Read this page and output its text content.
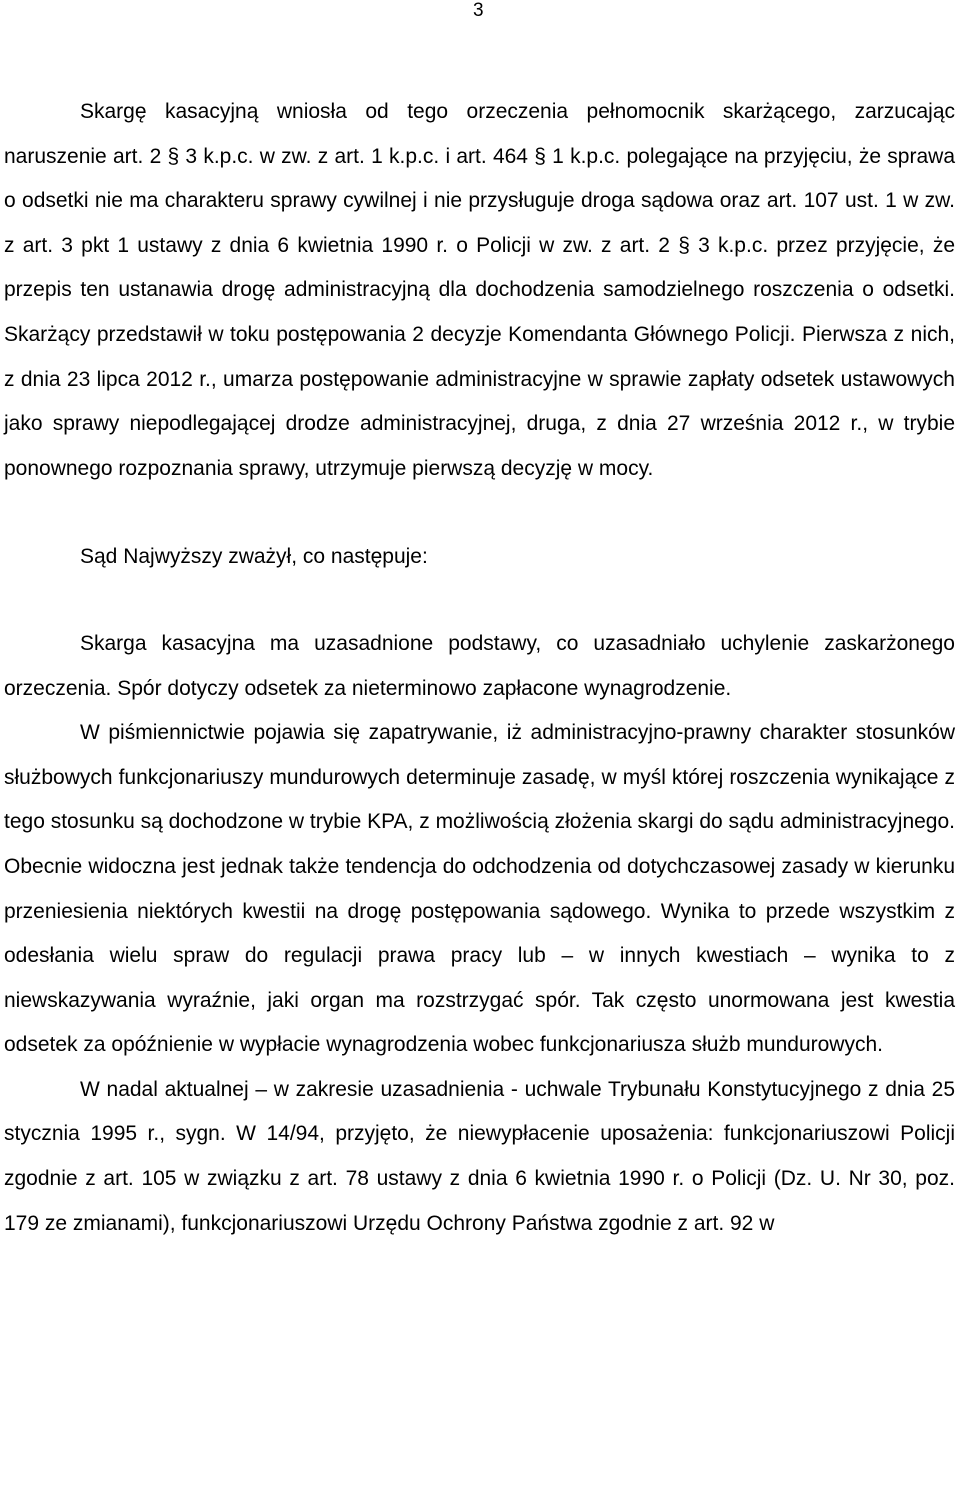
3

Skargę kasacyjną wniosła od tego orzeczenia pełnomocnik skarżącego, zarzucając naruszenie art. 2 § 3 k.p.c. w zw. z art. 1 k.p.c. i art. 464 § 1 k.p.c. polegające na przyjęciu, że sprawa o odsetki nie ma charakteru sprawy cywilnej i nie przysługuje droga sądowa oraz art. 107 ust. 1 w zw. z art. 3 pkt 1 ustawy z dnia 6 kwietnia 1990 r. o Policji w zw. z art. 2 § 3 k.p.c. przez przyjęcie, że przepis ten ustanawia drogę administracyjną dla dochodzenia samodzielnego roszczenia o odsetki. Skarżący przedstawił w toku postępowania 2 decyzje Komendanta Głównego Policji. Pierwsza z nich, z dnia 23 lipca 2012 r., umarza postępowanie administracyjne w sprawie zapłaty odsetek ustawowych jako sprawy niepodlegającej drodze administracyjnej, druga, z dnia 27 września 2012 r., w trybie ponownego rozpoznania sprawy, utrzymuje pierwszą decyzję w mocy.

Sąd Najwyższy zważył, co następuje:

Skarga kasacyjna ma uzasadnione podstawy, co uzasadniało uchylenie zaskarżonego orzeczenia. Spór dotyczy odsetek za nieterminowo zapłacone wynagrodzenie.

W piśmiennictwie pojawia się zapatrywanie, iż administracyjno-prawny charakter stosunków służbowych funkcjonariuszy mundurowych determinuje zasadę, w myśl której roszczenia wynikające z tego stosunku są dochodzone w trybie KPA, z możliwością złożenia skargi do sądu administracyjnego. Obecnie widoczna jest jednak także tendencja do odchodzenia od dotychczasowej zasady w kierunku przeniesienia niektórych kwestii na drogę postępowania sądowego. Wynika to przede wszystkim z odesłania wielu spraw do regulacji prawa pracy lub – w innych kwestiach – wynika to z niewskazywania wyraźnie, jaki organ ma rozstrzygać spór. Tak często unormowana jest kwestia odsetek za opóźnienie w wypłacie wynagrodzenia wobec funkcjonariusza służb mundurowych.

W nadal aktualnej – w zakresie uzasadnienia - uchwale Trybunału Konstytucyjnego z dnia 25 stycznia 1995 r., sygn. W 14/94, przyjęto, że niewypłacenie uposażenia: funkcjonariuszowi Policji zgodnie z art. 105 w związku z art. 78 ustawy z dnia 6 kwietnia 1990 r. o Policji (Dz. U. Nr 30, poz. 179 ze zmianami), funkcjonariuszowi Urzędu Ochrony Państwa zgodnie z art. 92 w
